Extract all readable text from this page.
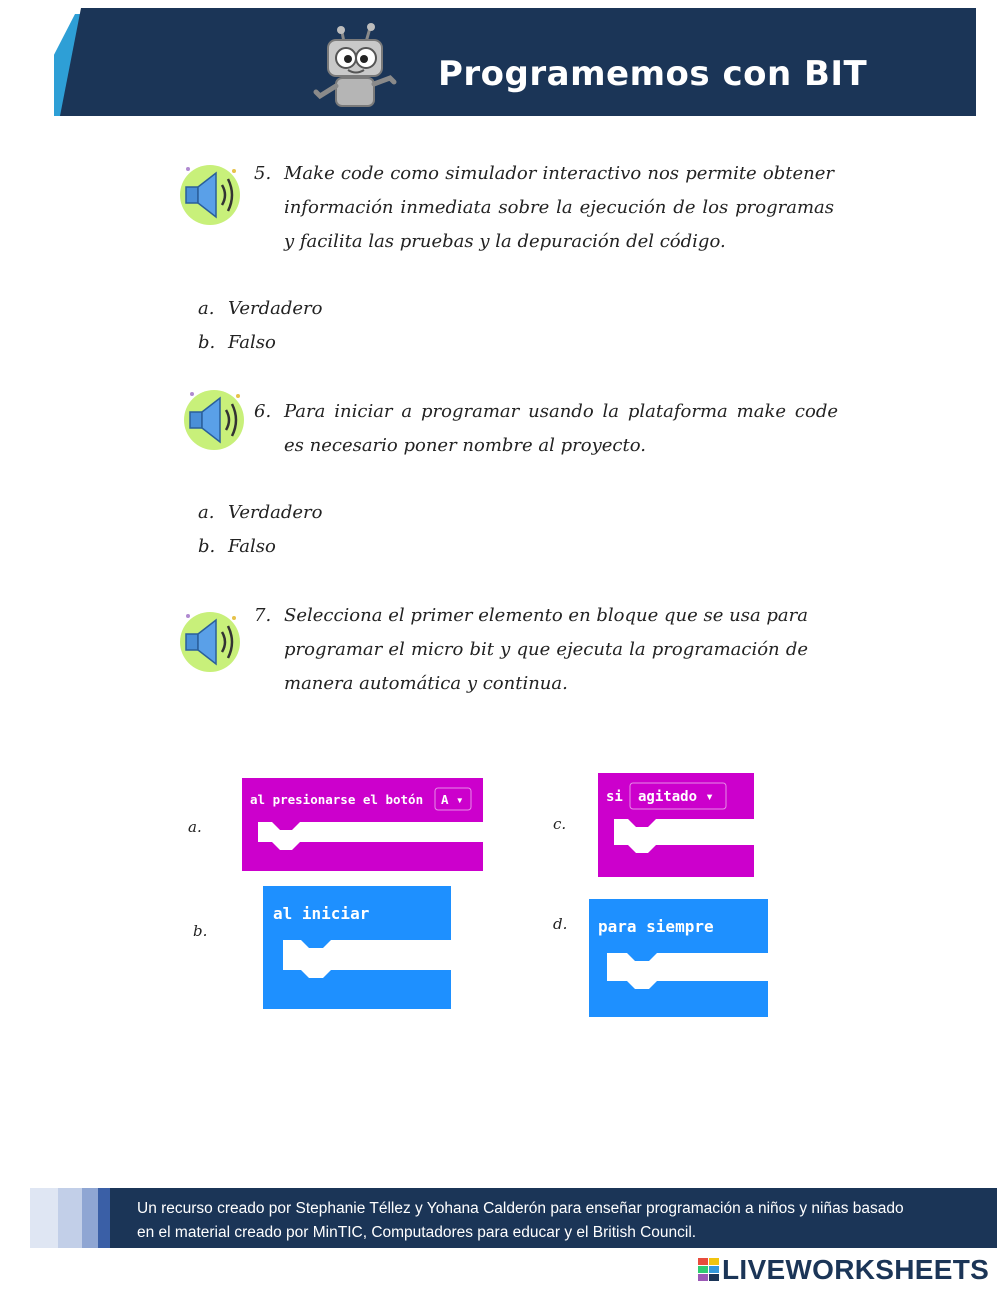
Programemos con BIT
5. Make code como simulador interactivo nos permite obtener información inmediata sobre la ejecución de los programas y facilita las pruebas y la depuración del código.
a. Verdadero
b. Falso
6. Para iniciar a programar usando la plataforma make code es necesario poner nombre al proyecto.
a. Verdadero
b. Falso
7. Selecciona el primer elemento en bloque que se usa para programar el micro bit y que ejecuta la programación de manera automática y continua.
a.
al presionarse el botón A ▾
b.
al iniciar
c.
si agitado ▾
d. para siempre
Un recurso creado por Stephanie Téllez y Yohana Calderón para enseñar programación a niños y niñas basado
en el material creado por MinTIC, Computadores para educar y el British Council.
LIVEWORKSHEETS
